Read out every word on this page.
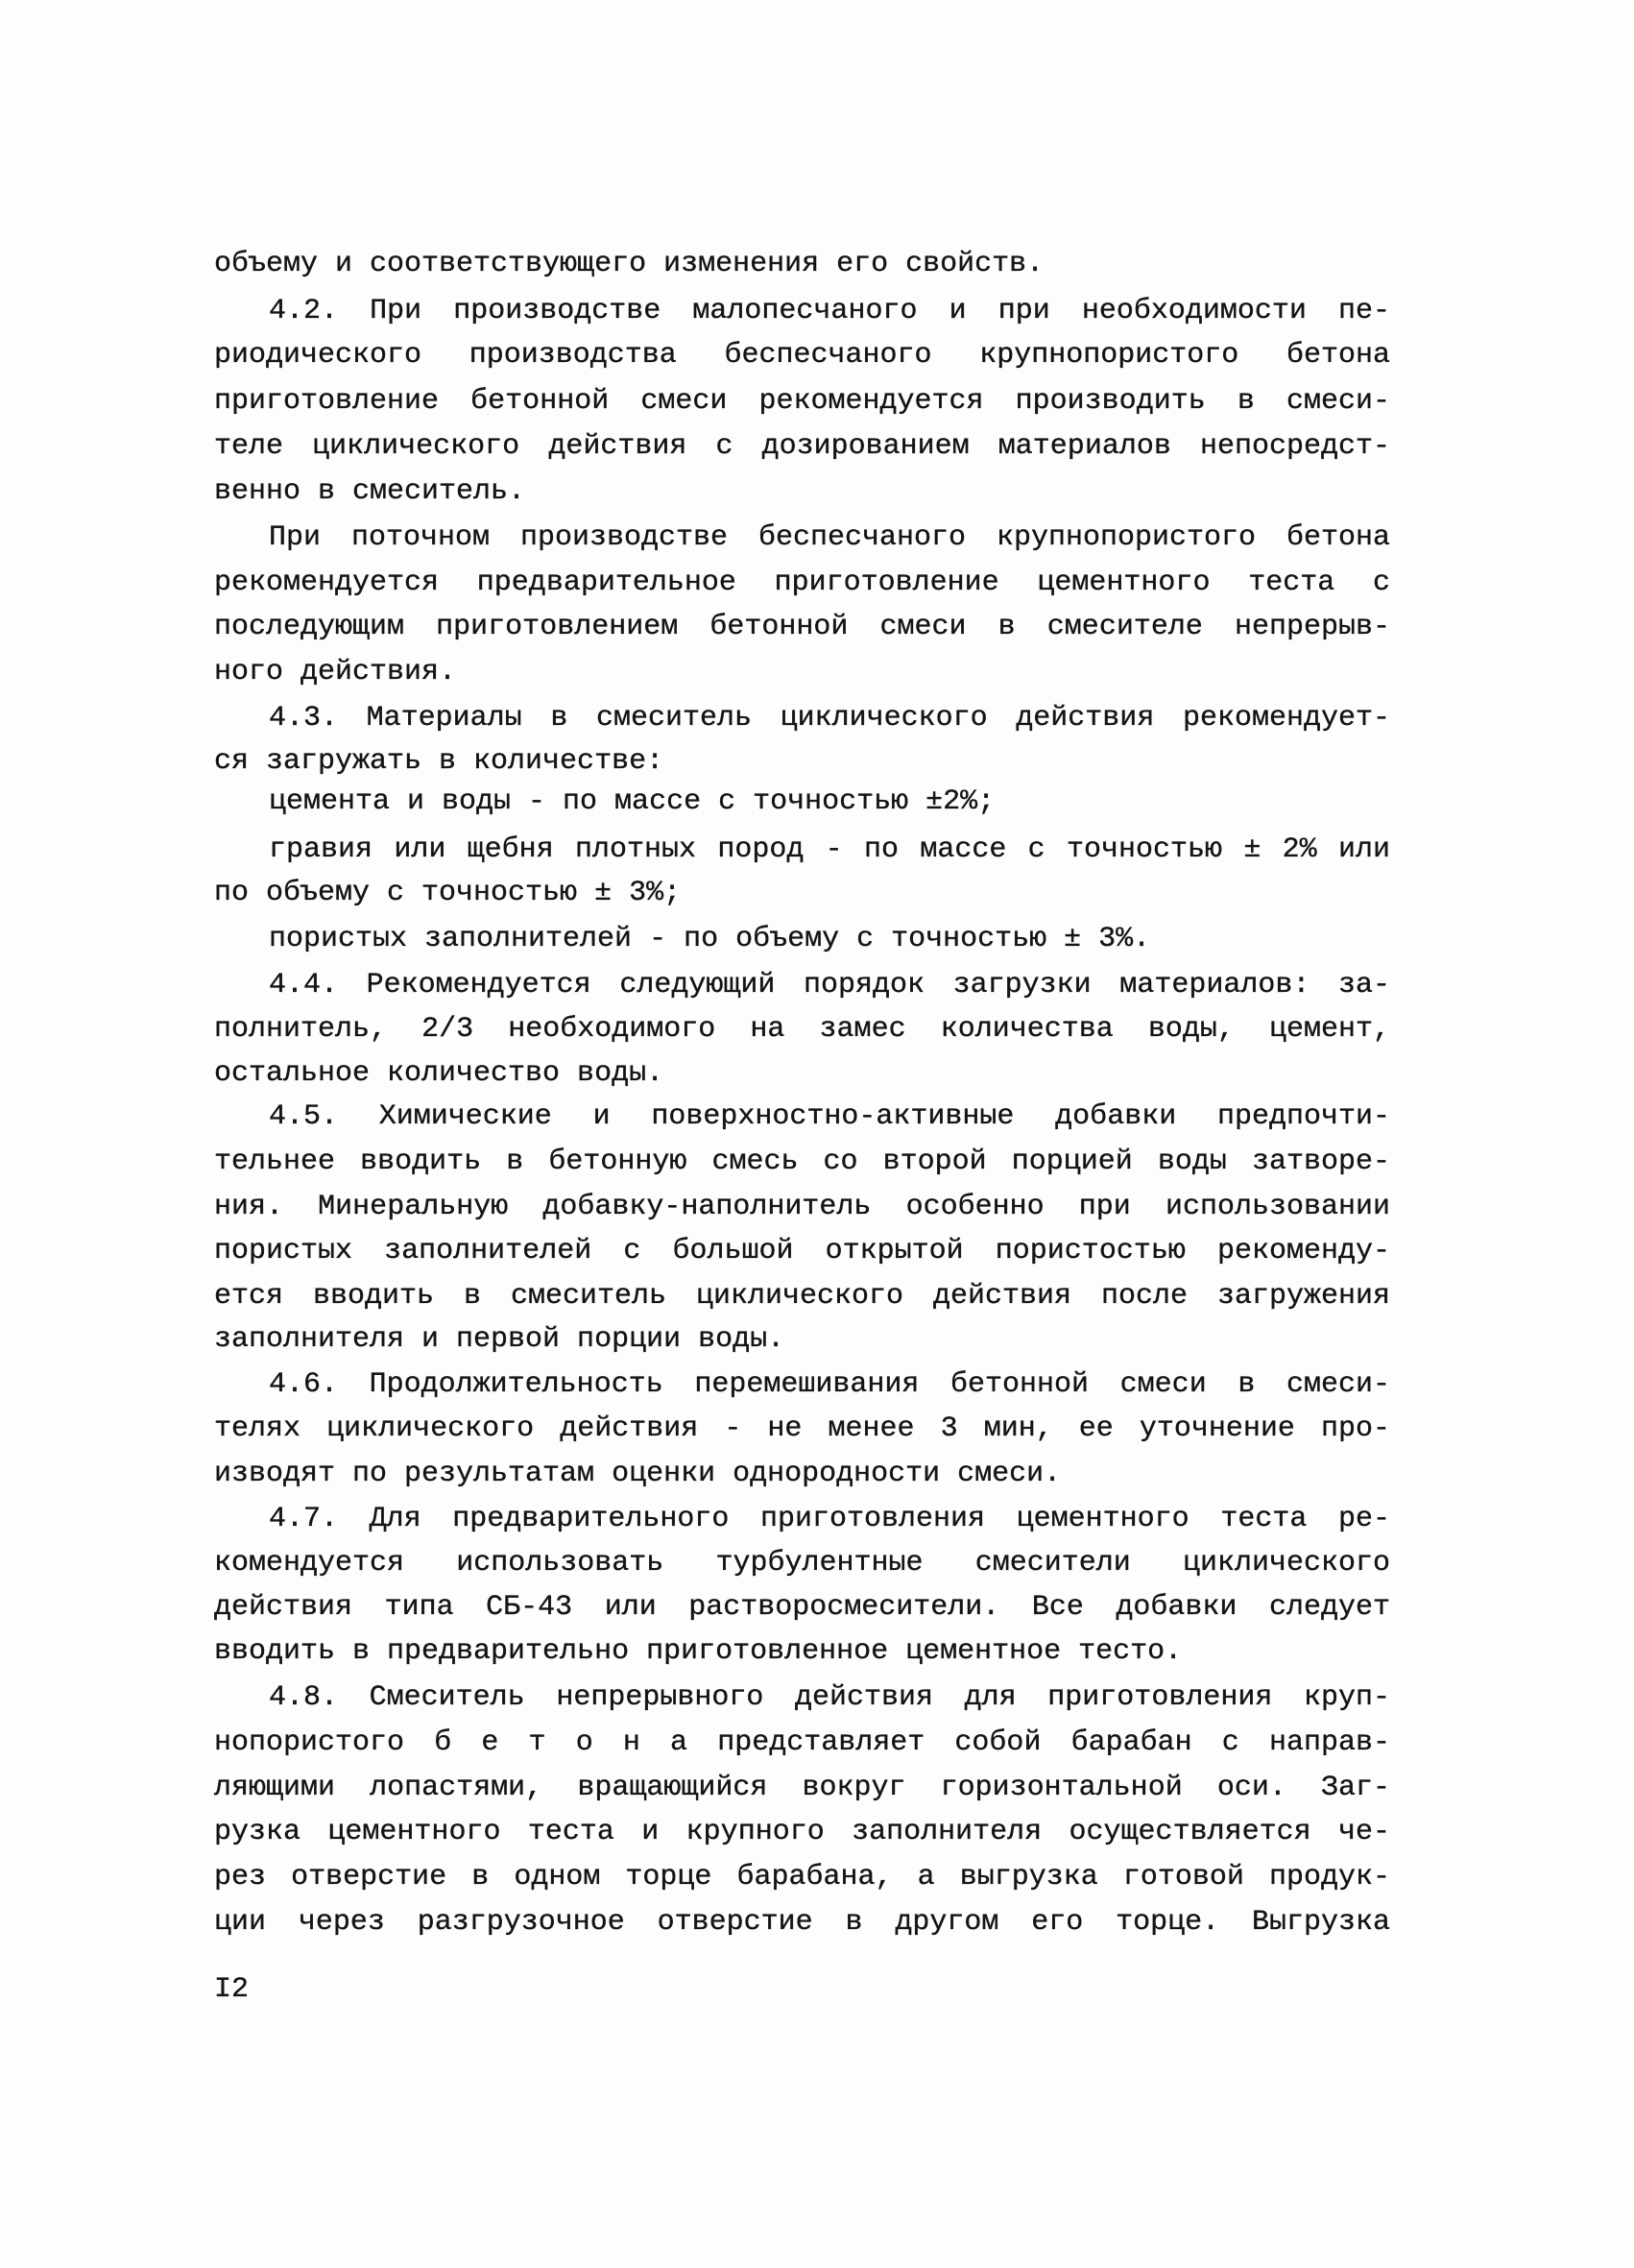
объему и соответствующего изменения его свойств.
4.2. При производстве малопесчаного и при необходимости пе-
риодического производства беспесчаного крупнопористого бетона
приготовление бетонной смеси рекомендуется производить в смеси-
теле циклического действия с дозированием материалов непосредст-
венно в смеситель.
При поточном производстве беспесчаного крупнопористого бетона
рекомендуется предварительное приготовление цементного теста с
последующим приготовлением бетонной смеси в смесителе непрерыв-
ного действия.
4.3. Материалы в смеситель циклического действия рекомендует-
ся загружать в количестве:
цемента и воды - по массе с точностью ±2%;
гравия или щебня плотных пород - по массе с точностью ± 2% или
по объему с точностью ± 3%;
пористых заполнителей - по объему с точностью ± 3%.
4.4. Рекомендуется следующий порядок загрузки материалов: за-
полнитель, 2/3 необходимого на замес количества воды, цемент,
остальное количество воды.
4.5. Химические и поверхностно-активные добавки предпочти-
тельнее вводить в бетонную смесь со второй порцией воды затворе-
ния. Минеральную добавку-наполнитель особенно при использовании
пористых заполнителей с большой открытой пористостью рекоменду-
ется вводить в смеситель циклического действия после загружения
заполнителя и первой порции воды.
4.6. Продолжительность перемешивания бетонной смеси в смеси-
телях циклического действия - не менее 3 мин, ее уточнение про-
изводят по результатам оценки однородности смеси.
4.7. Для предварительного приготовления цементного теста ре-
комендуется использовать турбулентные смесители циклического
действия типа СБ-43 или растворосмесители. Все добавки следует
вводить в предварительно приготовленное цементное тесто.
4.8. Смеситель непрерывного действия для приготовления круп-
нопористого б е т о н а представляет собой барабан с направ-
ляющими лопастями, вращающийся вокруг горизонтальной оси. Заг-
рузка цементного теста и крупного заполнителя осуществляется че-
рез отверстие в одном торце барабана, а выгрузка готовой продук-
ции через разгрузочное отверстие в другом его торце. Выгрузка
I2
